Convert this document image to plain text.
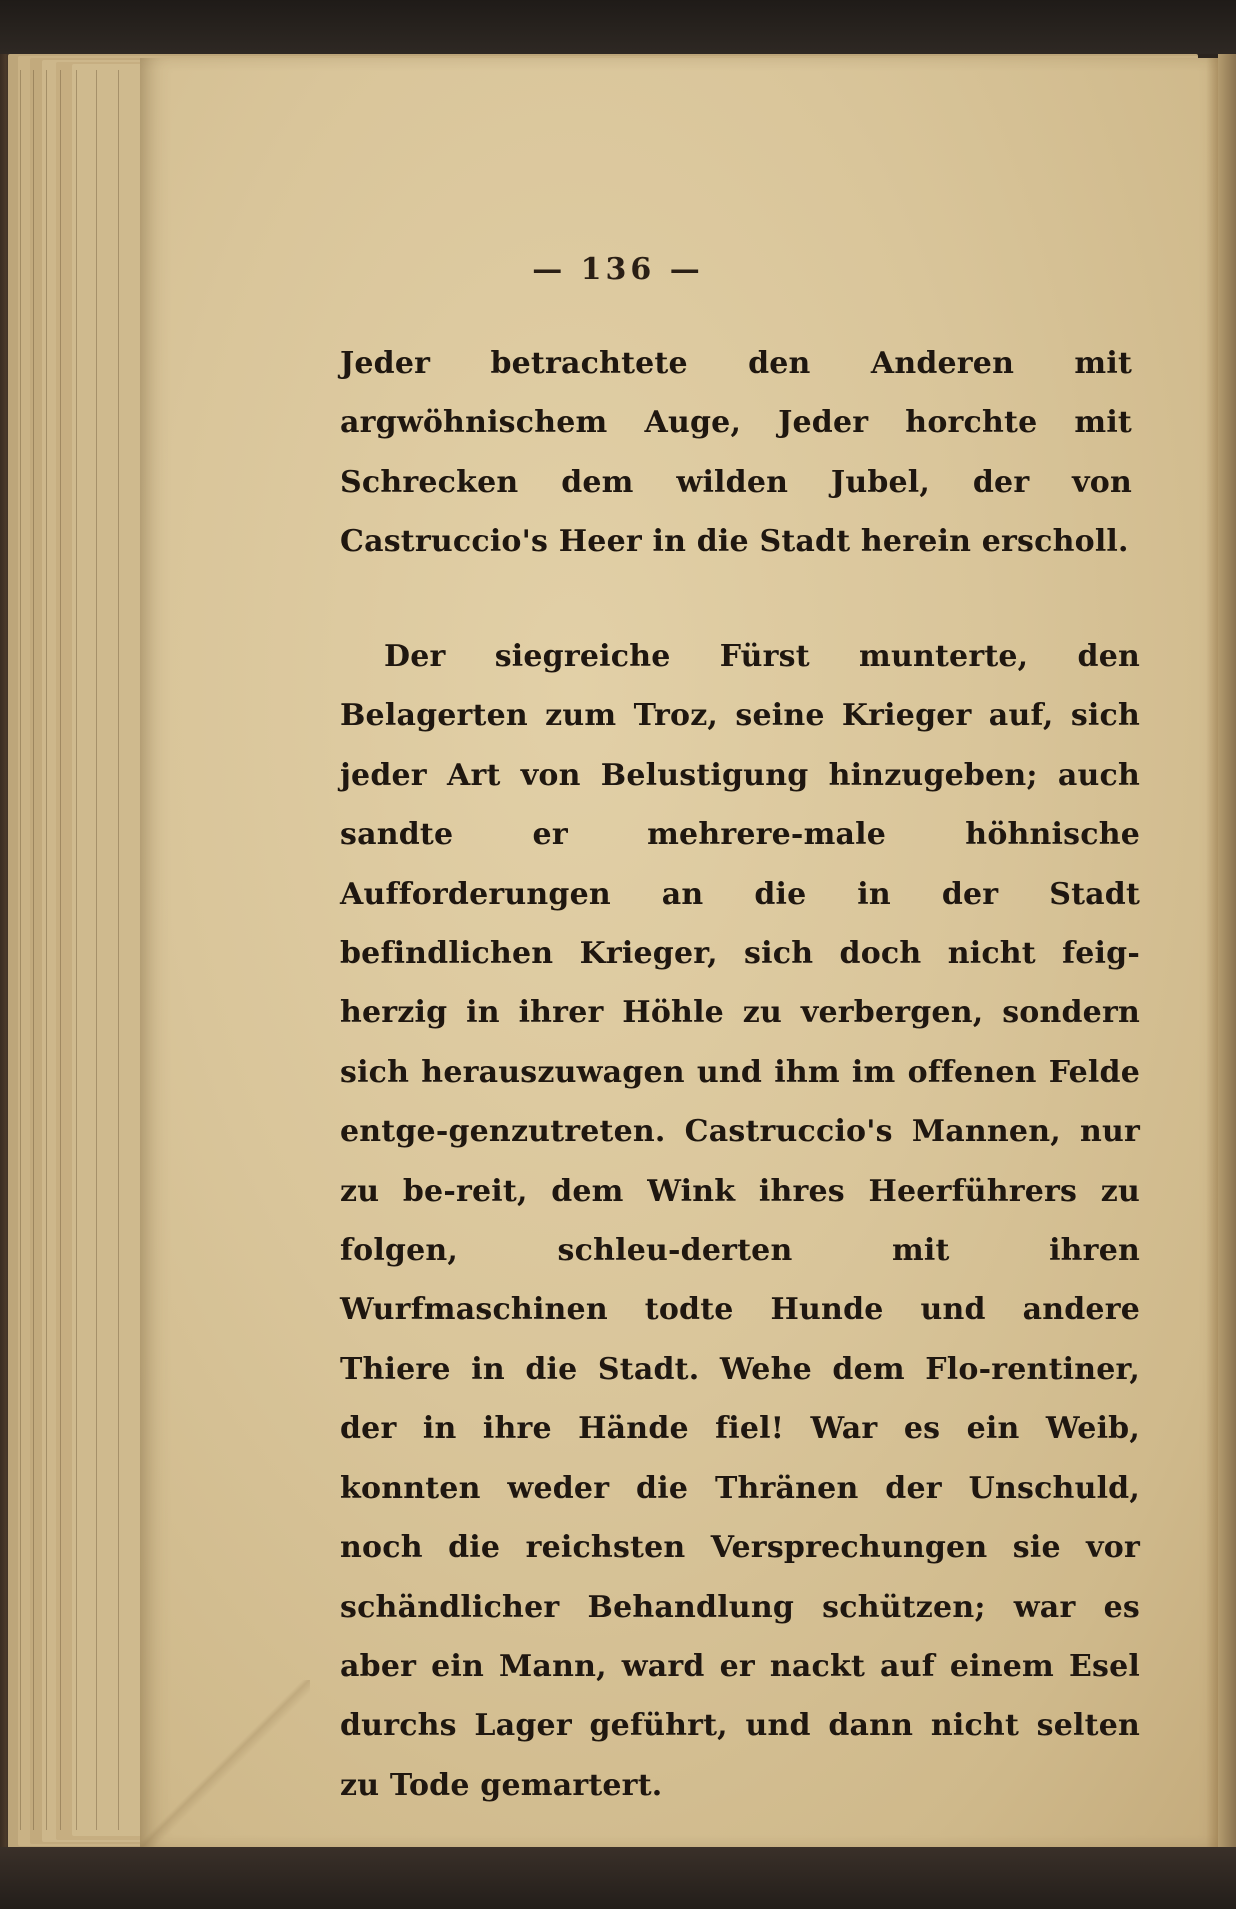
— 136 —

Jeder betrachtete den Anderen mit argwöhnischem Auge, Jeder horchte mit Schrecken dem wilden Jubel, der von Castruccio's Heer in die Stadt herein erscholl.

Der siegreiche Fürst munterte, den Belagerten zum Troz, seine Krieger auf, sich jeder Art von Belustigung hinzugeben; auch sandte er mehrere-male höhnische Aufforderungen an die in der Stadt befindlichen Krieger, sich doch nicht feig-herzig in ihrer Höhle zu verbergen, sondern sich herauszuwagen und ihm im offenen Felde entge-genzutreten. Castruccio's Mannen, nur zu be-reit, dem Wink ihres Heerführers zu folgen, schleu-derten mit ihren Wurfmaschinen todte Hunde und andere Thiere in die Stadt. Wehe dem Flo-rentiner, der in ihre Hände fiel! War es ein Weib, konnten weder die Thränen der Unschuld, noch die reichsten Versprechungen sie vor schändlicher Behandlung schützen; war es aber ein Mann, ward er nackt auf einem Esel durchs Lager geführt, und dann nicht selten zu Tode gemartert.
